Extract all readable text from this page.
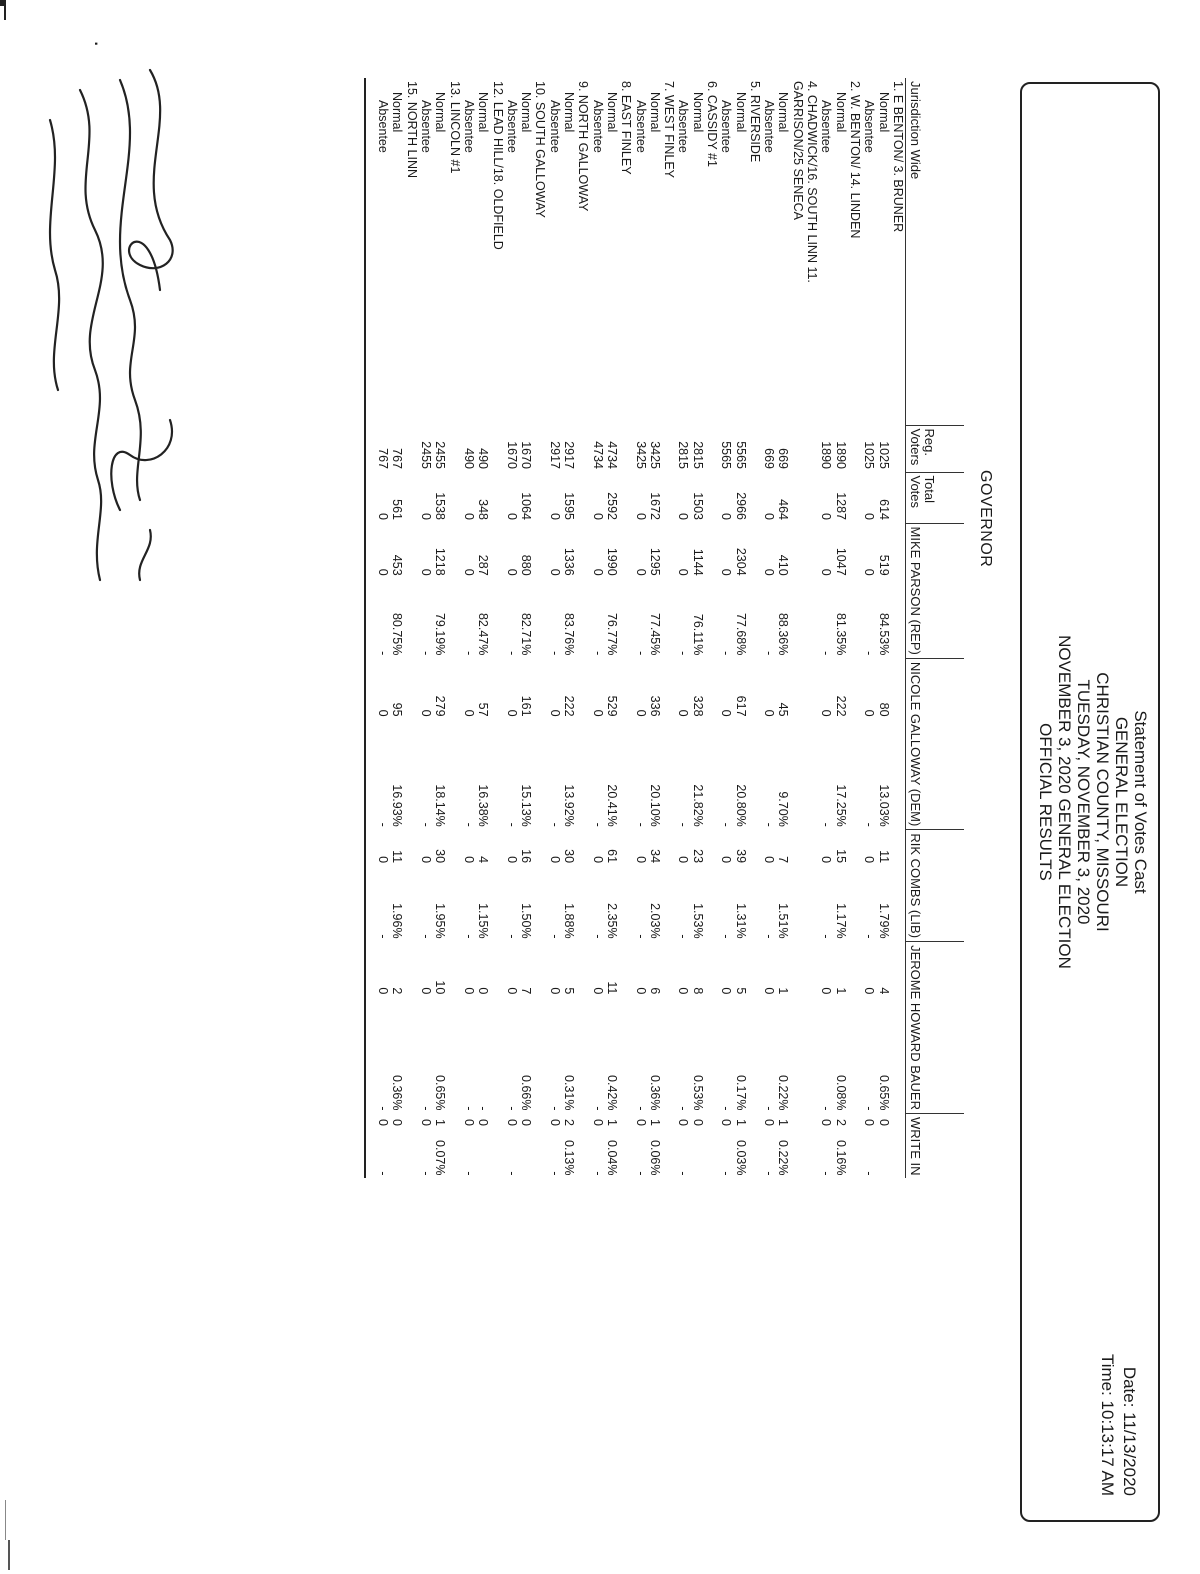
Statement of Votes Cast
GENERAL ELECTION
CHRISTIAN COUNTY, MISSOURI
TUESDAY, NOVEMBER 3, 2020
NOVEMBER 3, 2020 GENERAL ELECTION
OFFICIAL RESULTS
Date: 11/13/2020
Time: 10:13:17 AM
GOVERNOR
Jurisdiction Wide	Reg. Voters	Total Votes	MIKE PARSON (REP)		NICOLE GALLOWAY (DEM)		RIK COMBS (LIB)		JEROME HOWARD BAUER		WRITE IN	
1. E BENTON/ 3. BRUNER												
Normal	1025	614	519	84.53%	80	13.03%	11	1.79%	4	0.65%	0	
Absentee	1025	0	0	-	0	-	0	-	0	-	0	-
2. W. BENTON/ 14. LINDEN												
Normal	1890	1287	1047	81.35%	222	17.25%	15	1.17%	1	0.08%	2	0.16%
Absentee	1890	0	0	-	0	-	0	-	0	-	0	-
4. CHADWICK/16. SOUTH LINN 11.												
GARRISON/25 SENECA												
Normal	669	464	410	88.36%	45	9.70%	7	1.51%	1	0.22%	1	0.22%
Absentee	669	0	0	-	0	-	0	-	0	-	0	-
5. RIVERSIDE												
Normal	5565	2966	2304	77.68%	617	20.80%	39	1.31%	5	0.17%	1	0.03%
Absentee	5565	0	0	-	0	-	0	-	0	-	0	-
6. CASSIDY #1												
Normal	2815	1503	1144	76.11%	328	21.82%	23	1.53%	8	0.53%	0	
Absentee	2815	0	0	-	0	-	0	-	0	-	0	-
7. WEST FINLEY												
Normal	3425	1672	1295	77.45%	336	20.10%	34	2.03%	6	0.36%	1	0.06%
Absentee	3425	0	0	-	0	-	0	-	0	-	0	-
8. EAST FINLEY												
Normal	4734	2592	1990	76.77%	529	20.41%	61	2.35%	11	0.42%	1	0.04%
Absentee	4734	0	0	-	0	-	0	-	0	-	0	-
9. NORTH GALLOWAY												
Normal	2917	1595	1336	83.76%	222	13.92%	30	1.88%	5	0.31%	2	0.13%
Absentee	2917	0	0	-	0	-	0	-	0	-	0	-
10. SOUTH GALLOWAY												
Normal	1670	1064	880	82.71%	161	15.13%	16	1.50%	7	0.66%	0	
Absentee	1670	0	0	-	0	-	0	-	0	-	0	-
12. LEAD HILL/18. OLDFIELD												
Normal	490	348	287	82.47%	57	16.38%	4	1.15%	0	-	0	
Absentee	490	0	0	-	0	-	0	-	0	-	0	-
13. LINCOLN #1												
Normal	2455	1538	1218	79.19%	279	18.14%	30	1.95%	10	0.65%	1	0.07%
Absentee	2455	0	0	-	0	-	0	-	0	-	0	-
15. NORTH LINN												
Normal	767	561	453	80.75%	95	16.93%	11	1.96%	2	0.36%	0	
Absentee	767	0	0	-	0	-	0	-	0	-	0	-

·
